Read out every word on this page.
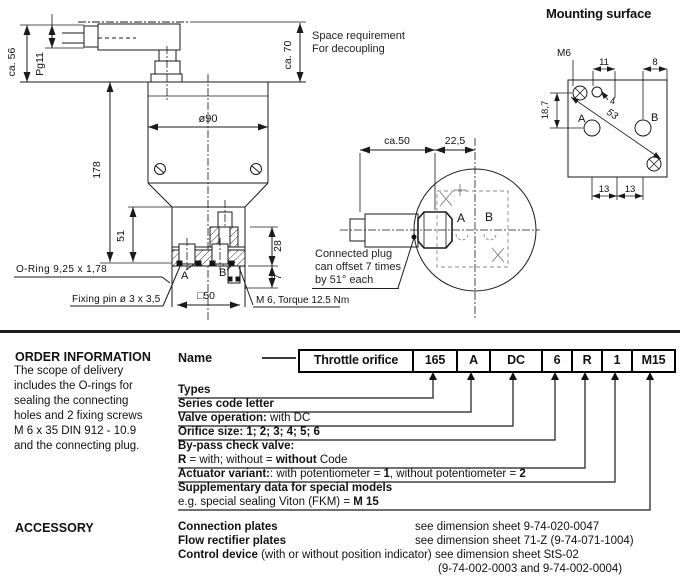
ca. 56 Pg11	ca. 70
ø90
178
51
28
7
O-Ring 9,25 x 1,78
A	B
Fixing pin ø 3 x 3,5	□50	M 6, Torque 12.5 Nm
Space requirement
For decoupling
ca.50	22,5
A B
Connected plug
can offset 7 times
by 51° each
Mounting surface
M6
11	8
18,7	4
53
A	B
13 13
ORDER INFORMATION
The scope of delivery
includes the O-rings for
sealing the connecting
holes and 2 fixing screws
M 6 x 35 DIN 912 - 10.9
and the connecting plug.
Name	Throttle orifice	165	A	DC	6	R	1	M15
Types
Series code letter
Valve operation: with DC
Orifice size: 1; 2; 3; 4; 5; 6
By-pass check valve:
R = with; without = without Code
Actuator variant:: with potentiometer = 1, without potentiometer = 2
Supplementary data for special models
e.g. special sealing Viton (FKM) = M 15
ACCESSORY	Connection plates	see dimension sheet 9-74-020-0047
Flow rectifier plates	see dimension sheet 71-Z (9-74-071-1004)
Control device (with or without position indicator) see dimension sheet StS-02
(9-74-002-0003 and 9-74-002-0004)
